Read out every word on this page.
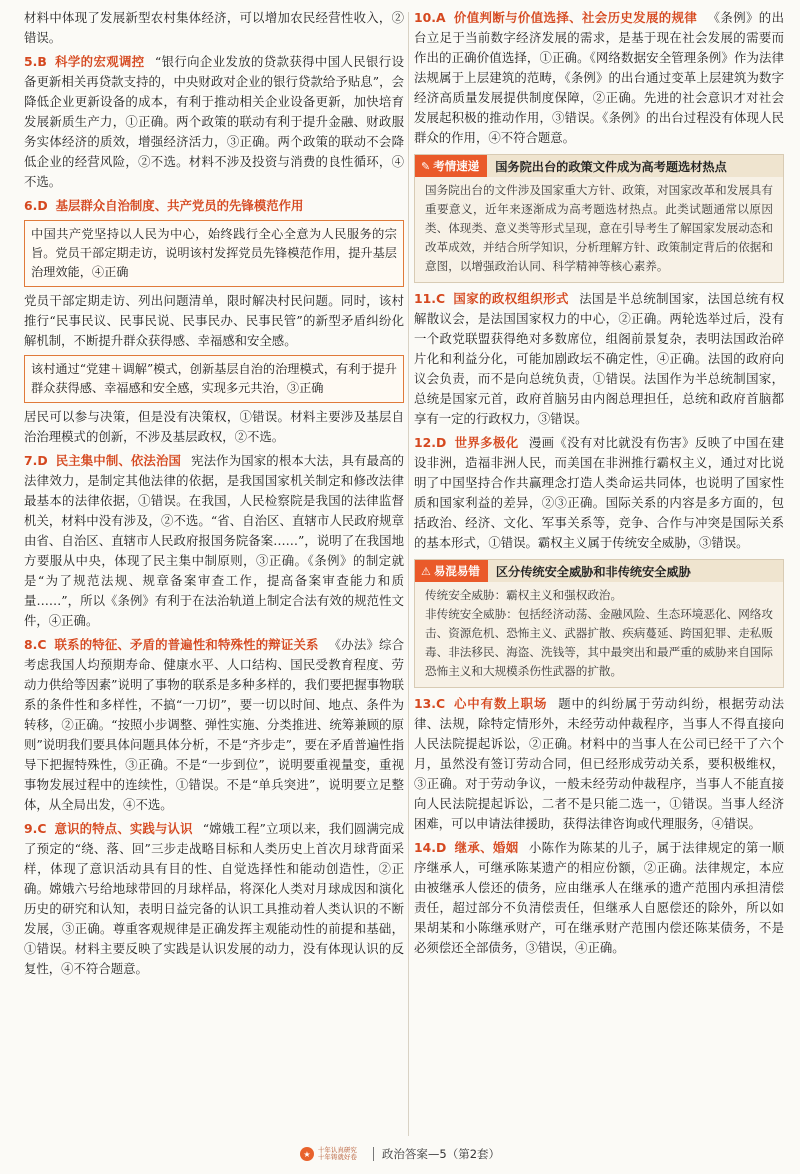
材料中体现了发展新型农村集体经济，可以增加农民经营性收入，②错误。

5.B 科学的宏观调控 “银行向企业发放的贷款获得中国人民银行设备更新相关再贷款支持的，中央财政对企业的银行贷款给予贴息”，会降低企业更新设备的成本，有利于推动相关企业设备更新，加快培育发展新质生产力，①正确。两个政策的联动有利于提升金融、财政服务实体经济的质效，增强经济活力，③正确。两个政策的联动不会降低企业的经营风险，②不选。材料不涉及投资与消费的良性循环，④不选。

6.D 基层群众自治制度、共产党员的先锋模范作用

中国共产党坚持以人民为中心，始终践行全心全意为人民服务的宗旨。党员干部定期走访，说明该村发挥党员先锋模范作用，提升基层治理效能，④正确

党员干部定期走访、列出问题清单，限时解决村民问题。同时，该村推行“民事民议、民事民说、民事民办、民事民管”的新型矛盾纠纷化解机制，不断提升群众获得感、幸福感和安全感。

该村通过“党建＋调解”模式，创新基层自治的治理模式，有利于提升群众获得感、幸福感和安全感，实现多元共治，③正确

居民可以参与决策，但是没有决策权，①错误。材料主要涉及基层自治治理模式的创新，不涉及基层政权，②不选。

7.D 民主集中制、依法治国 宪法作为国家的根本大法，具有最高的法律效力，是制定其他法律的依据，是我国国家机关制定和修改法律最基本的法律依据，①错误。在我国，人民检察院是我国的法律监督机关，材料中没有涉及，②不选。“省、自治区、直辖市人民政府规章由省、自治区、直辖市人民政府报国务院备案……”，说明了在我国地方要服从中央，体现了民主集中制原则，③正确。《条例》的制定就是“为了规范法规、规章备案审查工作，提高备案审查能力和质量……”，所以《条例》有利于在法治轨道上制定合法有效的规范性文件，④正确。

8.C 联系的特征、矛盾的普遍性和特殊性的辩证关系 《办法》综合考虑我国人均预期寿命、健康水平、人口结构、国民受教育程度、劳动力供给等因素”说明了事物的联系是多种多样的，我们要把握事物联系的条件性和多样性，不搞“一刀切”，要一切以时间、地点、条件为转移，②正确。“按照小步调整、弹性实施、分类推进、统筹兼顾的原则”说明我们要具体问题具体分析，不是“齐步走”，要在矛盾普遍性指导下把握特殊性，③正确。不是“一步到位”，说明要重视量变，重视事物发展过程中的连续性，①错误。不是“单兵突进”，说明要立足整体，从全局出发，④不选。

9.C 意识的特点、实践与认识 “嫦娥工程”立项以来，我们圆满完成了预定的“绕、落、回”三步走战略目标和人类历史上首次月球背面采样，体现了意识活动具有目的性、自觉选择性和能动创造性，②正确。嫦娥六号给地球带回的月球样品，将深化人类对月球成因和演化历史的研究和认知，表明日益完备的认识工具推动着人类认识的不断发展，③正确。尊重客观规律是正确发挥主观能动性的前提和基础，①错误。材料主要反映了实践是认识发展的动力，没有体现认识的反复性，④不符合题意。

10.A 价值判断与价值选择、社会历史发展的规律 《条例》的出台立足于当前数字经济发展的需求，是基于现在社会发展的需要而作出的正确价值选择，①正确。《网络数据安全管理条例》作为法律法规属于上层建筑的范畴，《条例》的出台通过变革上层建筑为数字经济高质量发展提供制度保障，②正确。先进的社会意识才对社会发展起积极的推动作用，③错误。《条例》的出台过程没有体现人民群众的作用，④不符合题意。

✎ 考情速递 国务院出台的政策文件成为高考题选材热点

国务院出台的文件涉及国家重大方针、政策，对国家改革和发展具有重要意义，近年来逐渐成为高考题选材热点。此类试题通常以原因类、体现类、意义类等形式呈现，意在引导考生了解国家发展动态和改革成效，并结合所学知识，分析理解方针、政策制定背后的依据和意图，以增强政治认同、科学精神等核心素养。

11.C 国家的政权组织形式 法国是半总统制国家，法国总统有权解散议会，是法国国家权力的中心，②正确。两轮选举过后，没有一个政党联盟获得绝对多数席位，组阁前景复杂，表明法国政治碎片化和利益分化，可能加剧政坛不确定性，④正确。法国的政府向议会负责，而不是向总统负责，①错误。法国作为半总统制国家，总统是国家元首，政府首脑另由内阁总理担任，总统和政府首脑都享有一定的行政权力，③错误。

12.D 世界多极化 漫画《没有对比就没有伤害》反映了中国在建设非洲，造福非洲人民，而美国在非洲推行霸权主义，通过对比说明了中国坚持合作共赢理念打造人类命运共同体，也说明了国家性质和国家利益的差异，②③正确。国际关系的内容是多方面的，包括政治、经济、文化、军事关系等，竞争、合作与冲突是国际关系的基本形式，①错误。霸权主义属于传统安全威胁，③错误。

⚠ 易混易错 区分传统安全威胁和非传统安全威胁

传统安全威胁：霸权主义和强权政治。

非传统安全威胁：包括经济动荡、金融风险、生态环境恶化、网络攻击、资源危机、恐怖主义、武器扩散、疾病蔓延、跨国犯罪、走私贩毒、非法移民、海盗、洗钱等，其中最突出和最严重的威胁来自国际恐怖主义和大规模杀伤性武器的扩散。

13.C 心中有数上职场 题中的纠纷属于劳动纠纷，根据劳动法律、法规，除特定情形外，未经劳动仲裁程序，当事人不得直接向人民法院提起诉讼，②正确。材料中的当事人在公司已经干了六个月，虽然没有签订劳动合同，但已经形成劳动关系，要积极维权，③正确。对于劳动争议，一般未经劳动仲裁程序，当事人不能直接向人民法院提起诉讼，二者不是只能二选一，①错误。当事人经济困难，可以申请法律援助，获得法律咨询或代理服务，④错误。

14.D 继承、婚姻 小陈作为陈某的儿子，属于法律规定的第一顺序继承人，可继承陈某遗产的相应份额，②正确。法律规定，本应由被继承人偿还的债务，应由继承人在继承的遗产范围内承担清偿责任，超过部分不负清偿责任，但继承人自愿偿还的除外，所以如果胡某和小陈继承财产，可在继承财产范围内偿还陈某债务，不是必须偿还全部债务，③错误，④正确。

★	十年认真研究
十年铸就好卷 政治答案—5（第2套）
